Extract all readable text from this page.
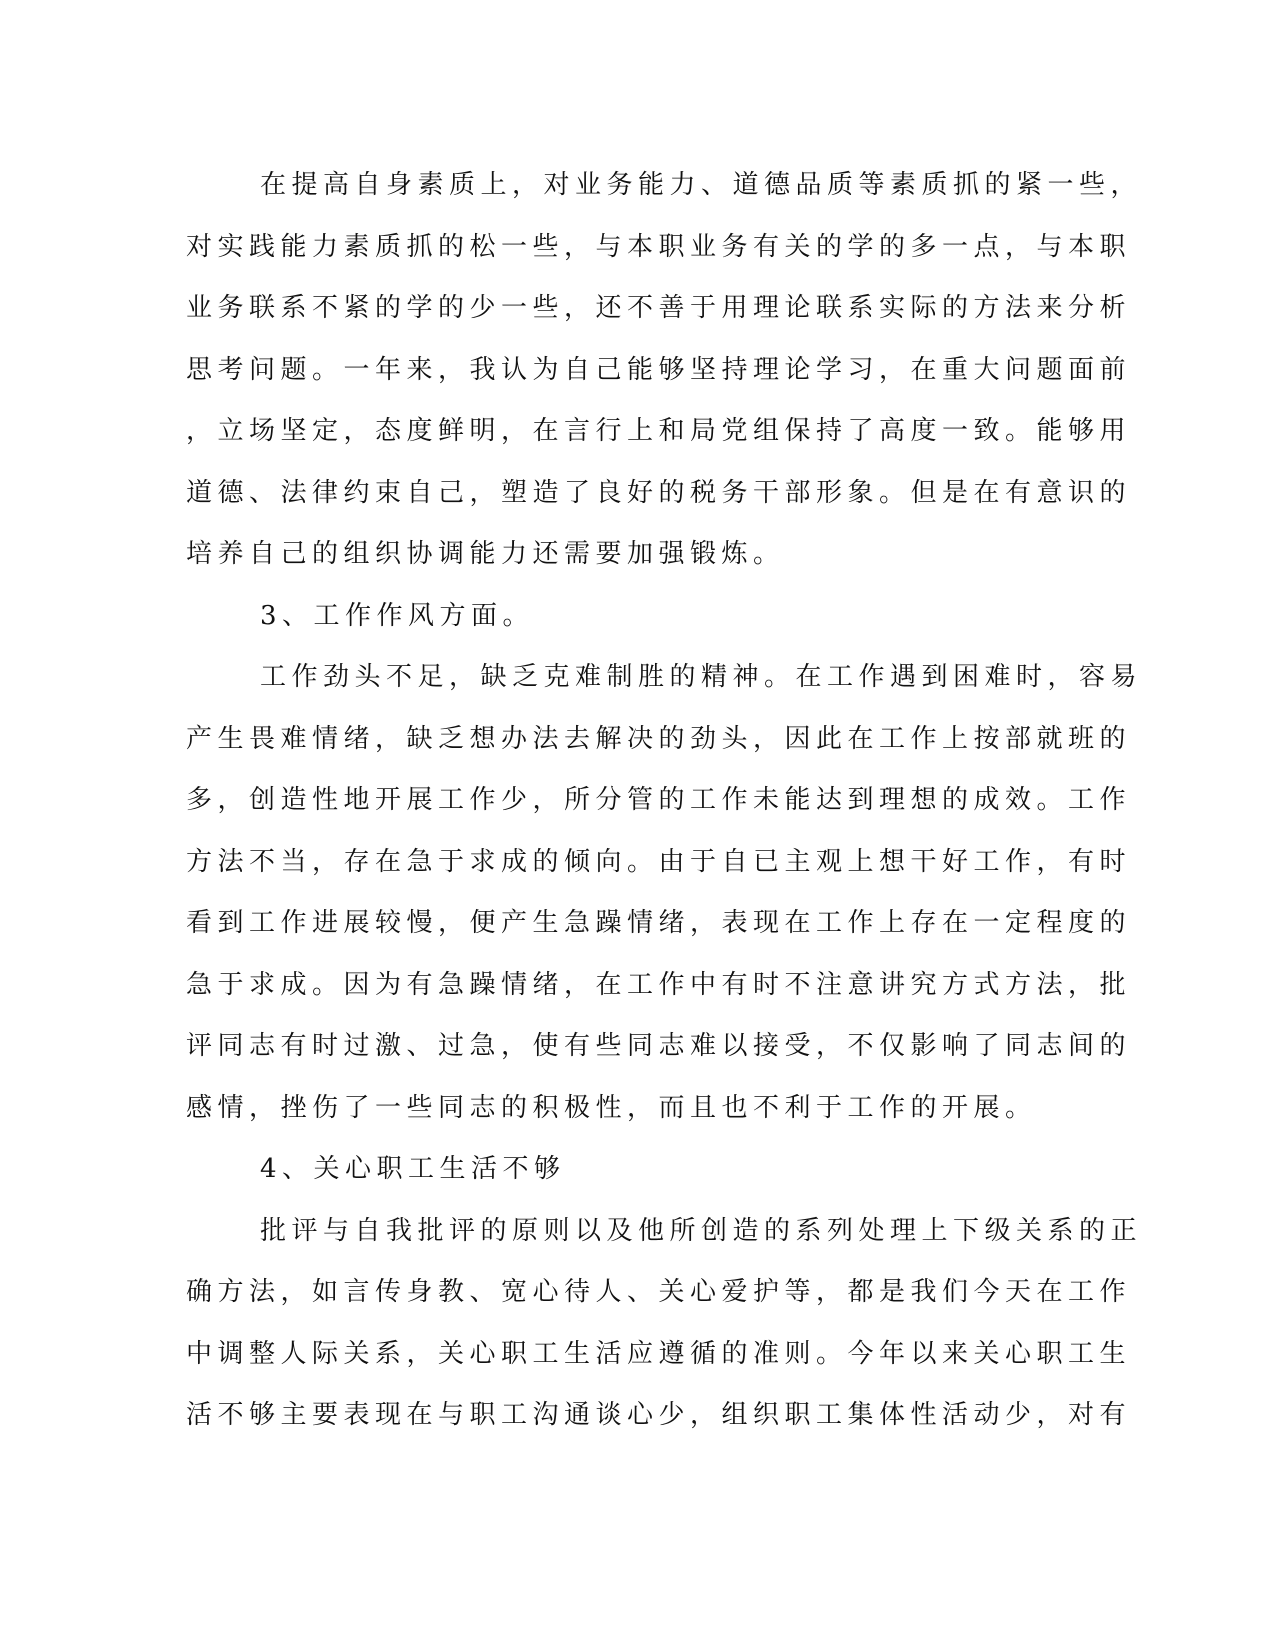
在提高自身素质上，对业务能力、道德品质等素质抓的紧一些，
对实践能力素质抓的松一些，与本职业务有关的学的多一点，与本职
业务联系不紧的学的少一些，还不善于用理论联系实际的方法来分析
思考问题。一年来，我认为自己能够坚持理论学习，在重大问题面前
，立场坚定，态度鲜明，在言行上和局党组保持了高度一致。能够用
道德、法律约束自己，塑造了良好的税务干部形象。但是在有意识的
培养自己的组织协调能力还需要加强锻炼。
3、工作作风方面。
工作劲头不足，缺乏克难制胜的精神。在工作遇到困难时，容易
产生畏难情绪，缺乏想办法去解决的劲头，因此在工作上按部就班的
多，创造性地开展工作少，所分管的工作未能达到理想的成效。工作
方法不当，存在急于求成的倾向。由于自已主观上想干好工作，有时
看到工作进展较慢，便产生急躁情绪，表现在工作上存在一定程度的
急于求成。因为有急躁情绪，在工作中有时不注意讲究方式方法，批
评同志有时过激、过急，使有些同志难以接受，不仅影响了同志间的
感情，挫伤了一些同志的积极性，而且也不利于工作的开展。
4、关心职工生活不够
批评与自我批评的原则以及他所创造的系列处理上下级关系的正
确方法，如言传身教、宽心待人、关心爱护等，都是我们今天在工作
中调整人际关系，关心职工生活应遵循的准则。今年以来关心职工生
活不够主要表现在与职工沟通谈心少，组织职工集体性活动少，对有
